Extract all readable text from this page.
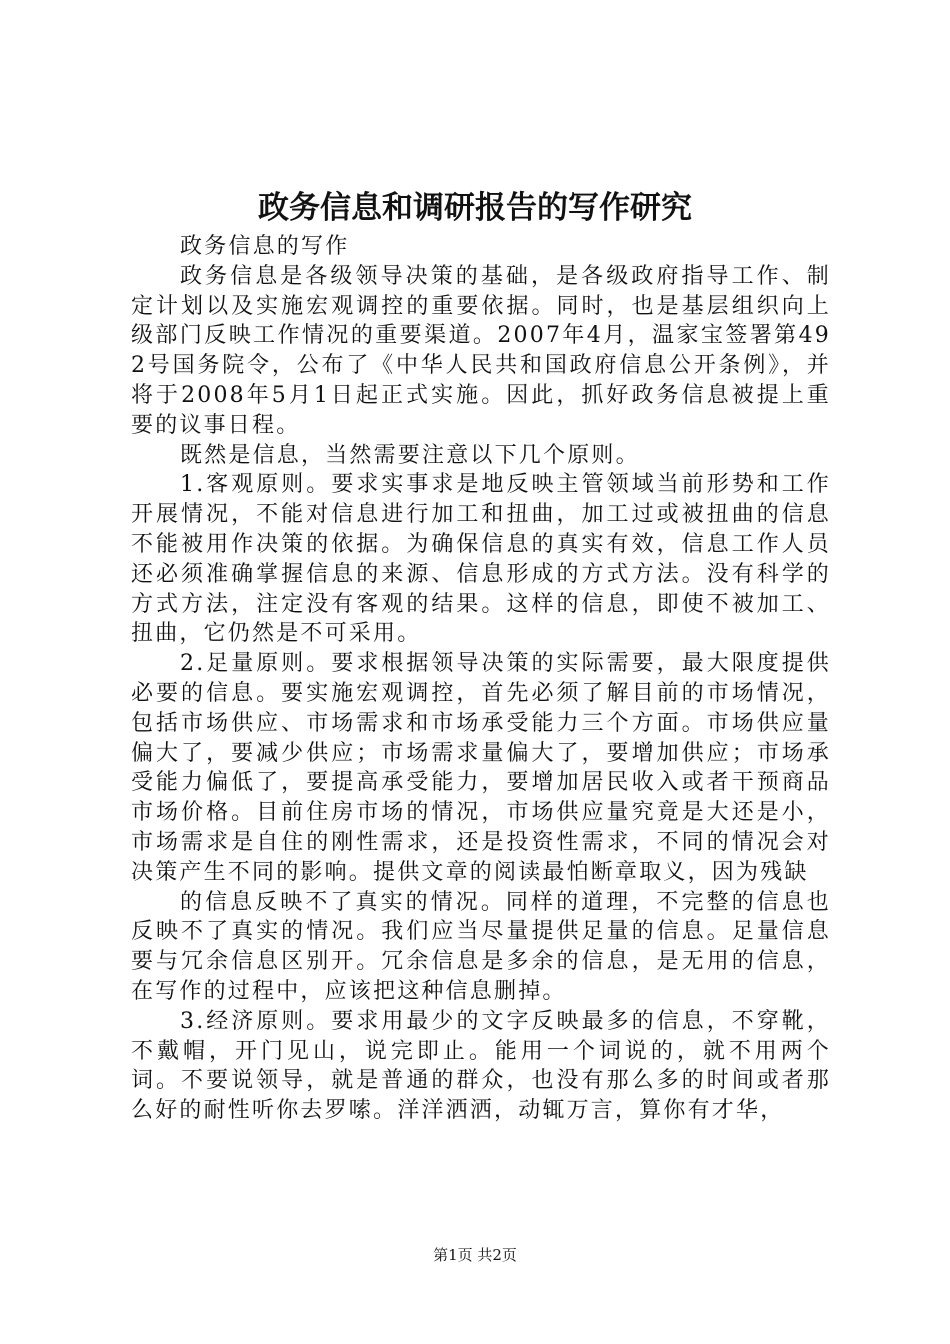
政务信息和调研报告的写作研究

政务信息的写作

政务信息是各级领导决策的基础，是各级政府指导工作、制定计划以及实施宏观调控的重要依据。同时，也是基层组织向上级部门反映工作情况的重要渠道。2007年4月，温家宝签署第492号国务院令，公布了《中华人民共和国政府信息公开条例》，并将于2008年5月1日起正式实施。因此，抓好政务信息被提上重要的议事日程。

既然是信息，当然需要注意以下几个原则。

1.客观原则。要求实事求是地反映主管领域当前形势和工作开展情况，不能对信息进行加工和扭曲，加工过或被扭曲的信息不能被用作决策的依据。为确保信息的真实有效，信息工作人员还必须准确掌握信息的来源、信息形成的方式方法。没有科学的方式方法，注定没有客观的结果。这样的信息，即使不被加工、扭曲，它仍然是不可采用。

2.足量原则。要求根据领导决策的实际需要，最大限度提供必要的信息。要实施宏观调控，首先必须了解目前的市场情况，包括市场供应、市场需求和市场承受能力三个方面。市场供应量偏大了，要减少供应；市场需求量偏大了，要增加供应；市场承受能力偏低了，要提高承受能力，要增加居民收入或者干预商品市场价格。目前住房市场的情况，市场供应量究竟是大还是小，市场需求是自住的刚性需求，还是投资性需求，不同的情况会对决策产生不同的影响。提供文章的阅读最怕断章取义，因为残缺

的信息反映不了真实的情况。同样的道理，不完整的信息也反映不了真实的情况。我们应当尽量提供足量的信息。足量信息要与冗余信息区别开。冗余信息是多余的信息，是无用的信息，在写作的过程中，应该把这种信息删掉。

3.经济原则。要求用最少的文字反映最多的信息，不穿靴，不戴帽，开门见山，说完即止。能用一个词说的，就不用两个词。不要说领导，就是普通的群众，也没有那么多的时间或者那么好的耐性听你去罗嗦。洋洋洒洒，动辄万言，算你有才华，

第1页 共2页
